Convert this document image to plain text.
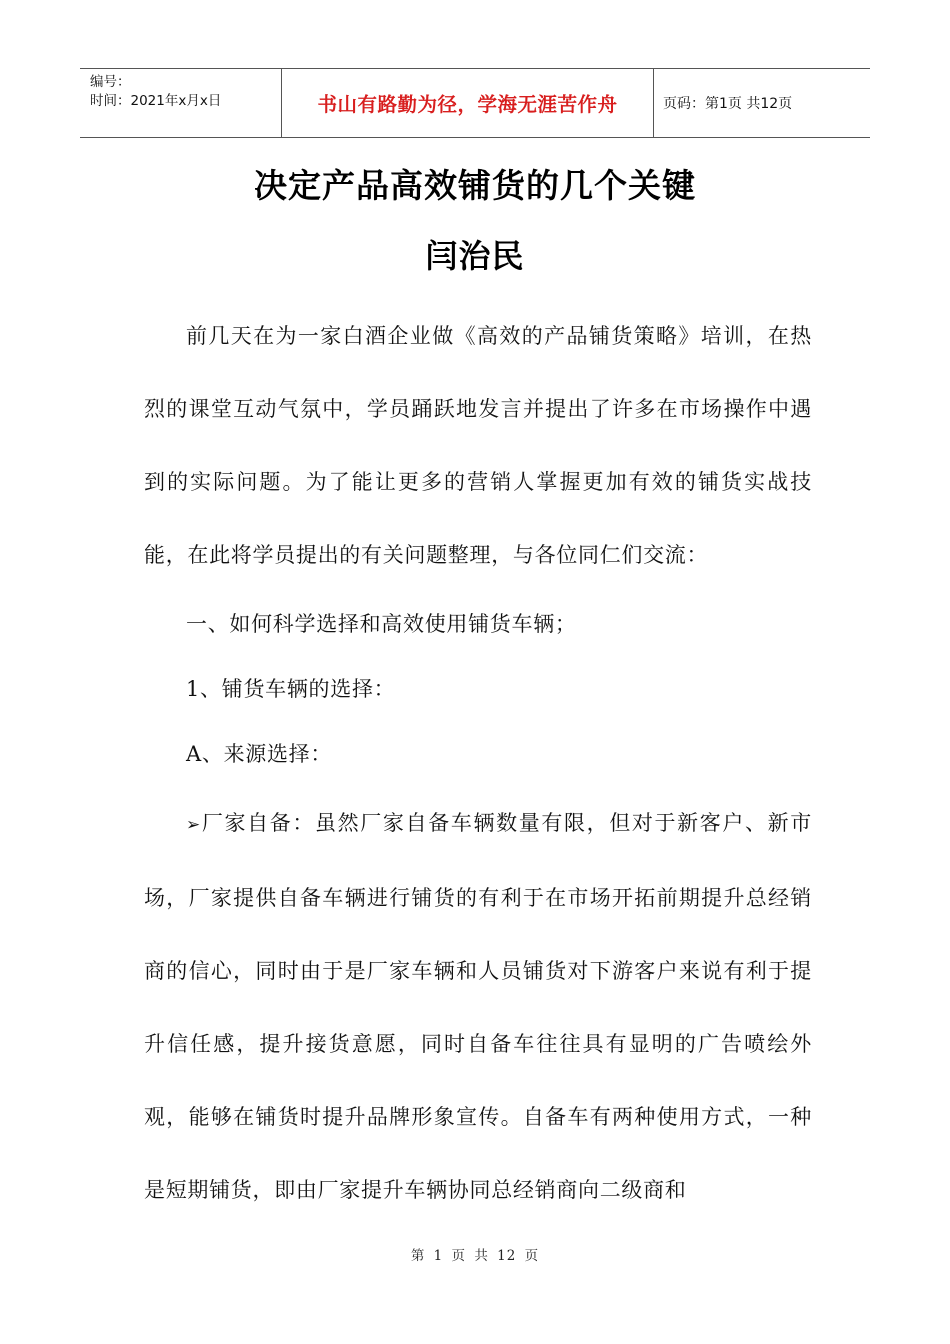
编号：
时间：2021年x月x日	书山有路勤为径，学海无涯苦作舟	页码：第1页 共12页
决定产品高效铺货的几个关键
闫治民

前几天在为一家白酒企业做《高效的产品铺货策略》培训，在热烈的课堂互动气氛中，学员踊跃地发言并提出了许多在市场操作中遇到的实际问题。为了能让更多的营销人掌握更加有效的铺货实战技能，在此将学员提出的有关问题整理，与各位同仁们交流：

一、如何科学选择和高效使用铺货车辆；

1、铺货车辆的选择：

A、来源选择：

➢厂家自备：虽然厂家自备车辆数量有限，但对于新客户、新市场，厂家提供自备车辆进行铺货的有利于在市场开拓前期提升总经销商的信心，同时由于是厂家车辆和人员铺货对下游客户来说有利于提升信任感，提升接货意愿，同时自备车往往具有显明的广告喷绘外观，能够在铺货时提升品牌形象宣传。自备车有两种使用方式，一种是短期铺货，即由厂家提升车辆协同总经销商向二级商和

第 1 页 共 12 页
